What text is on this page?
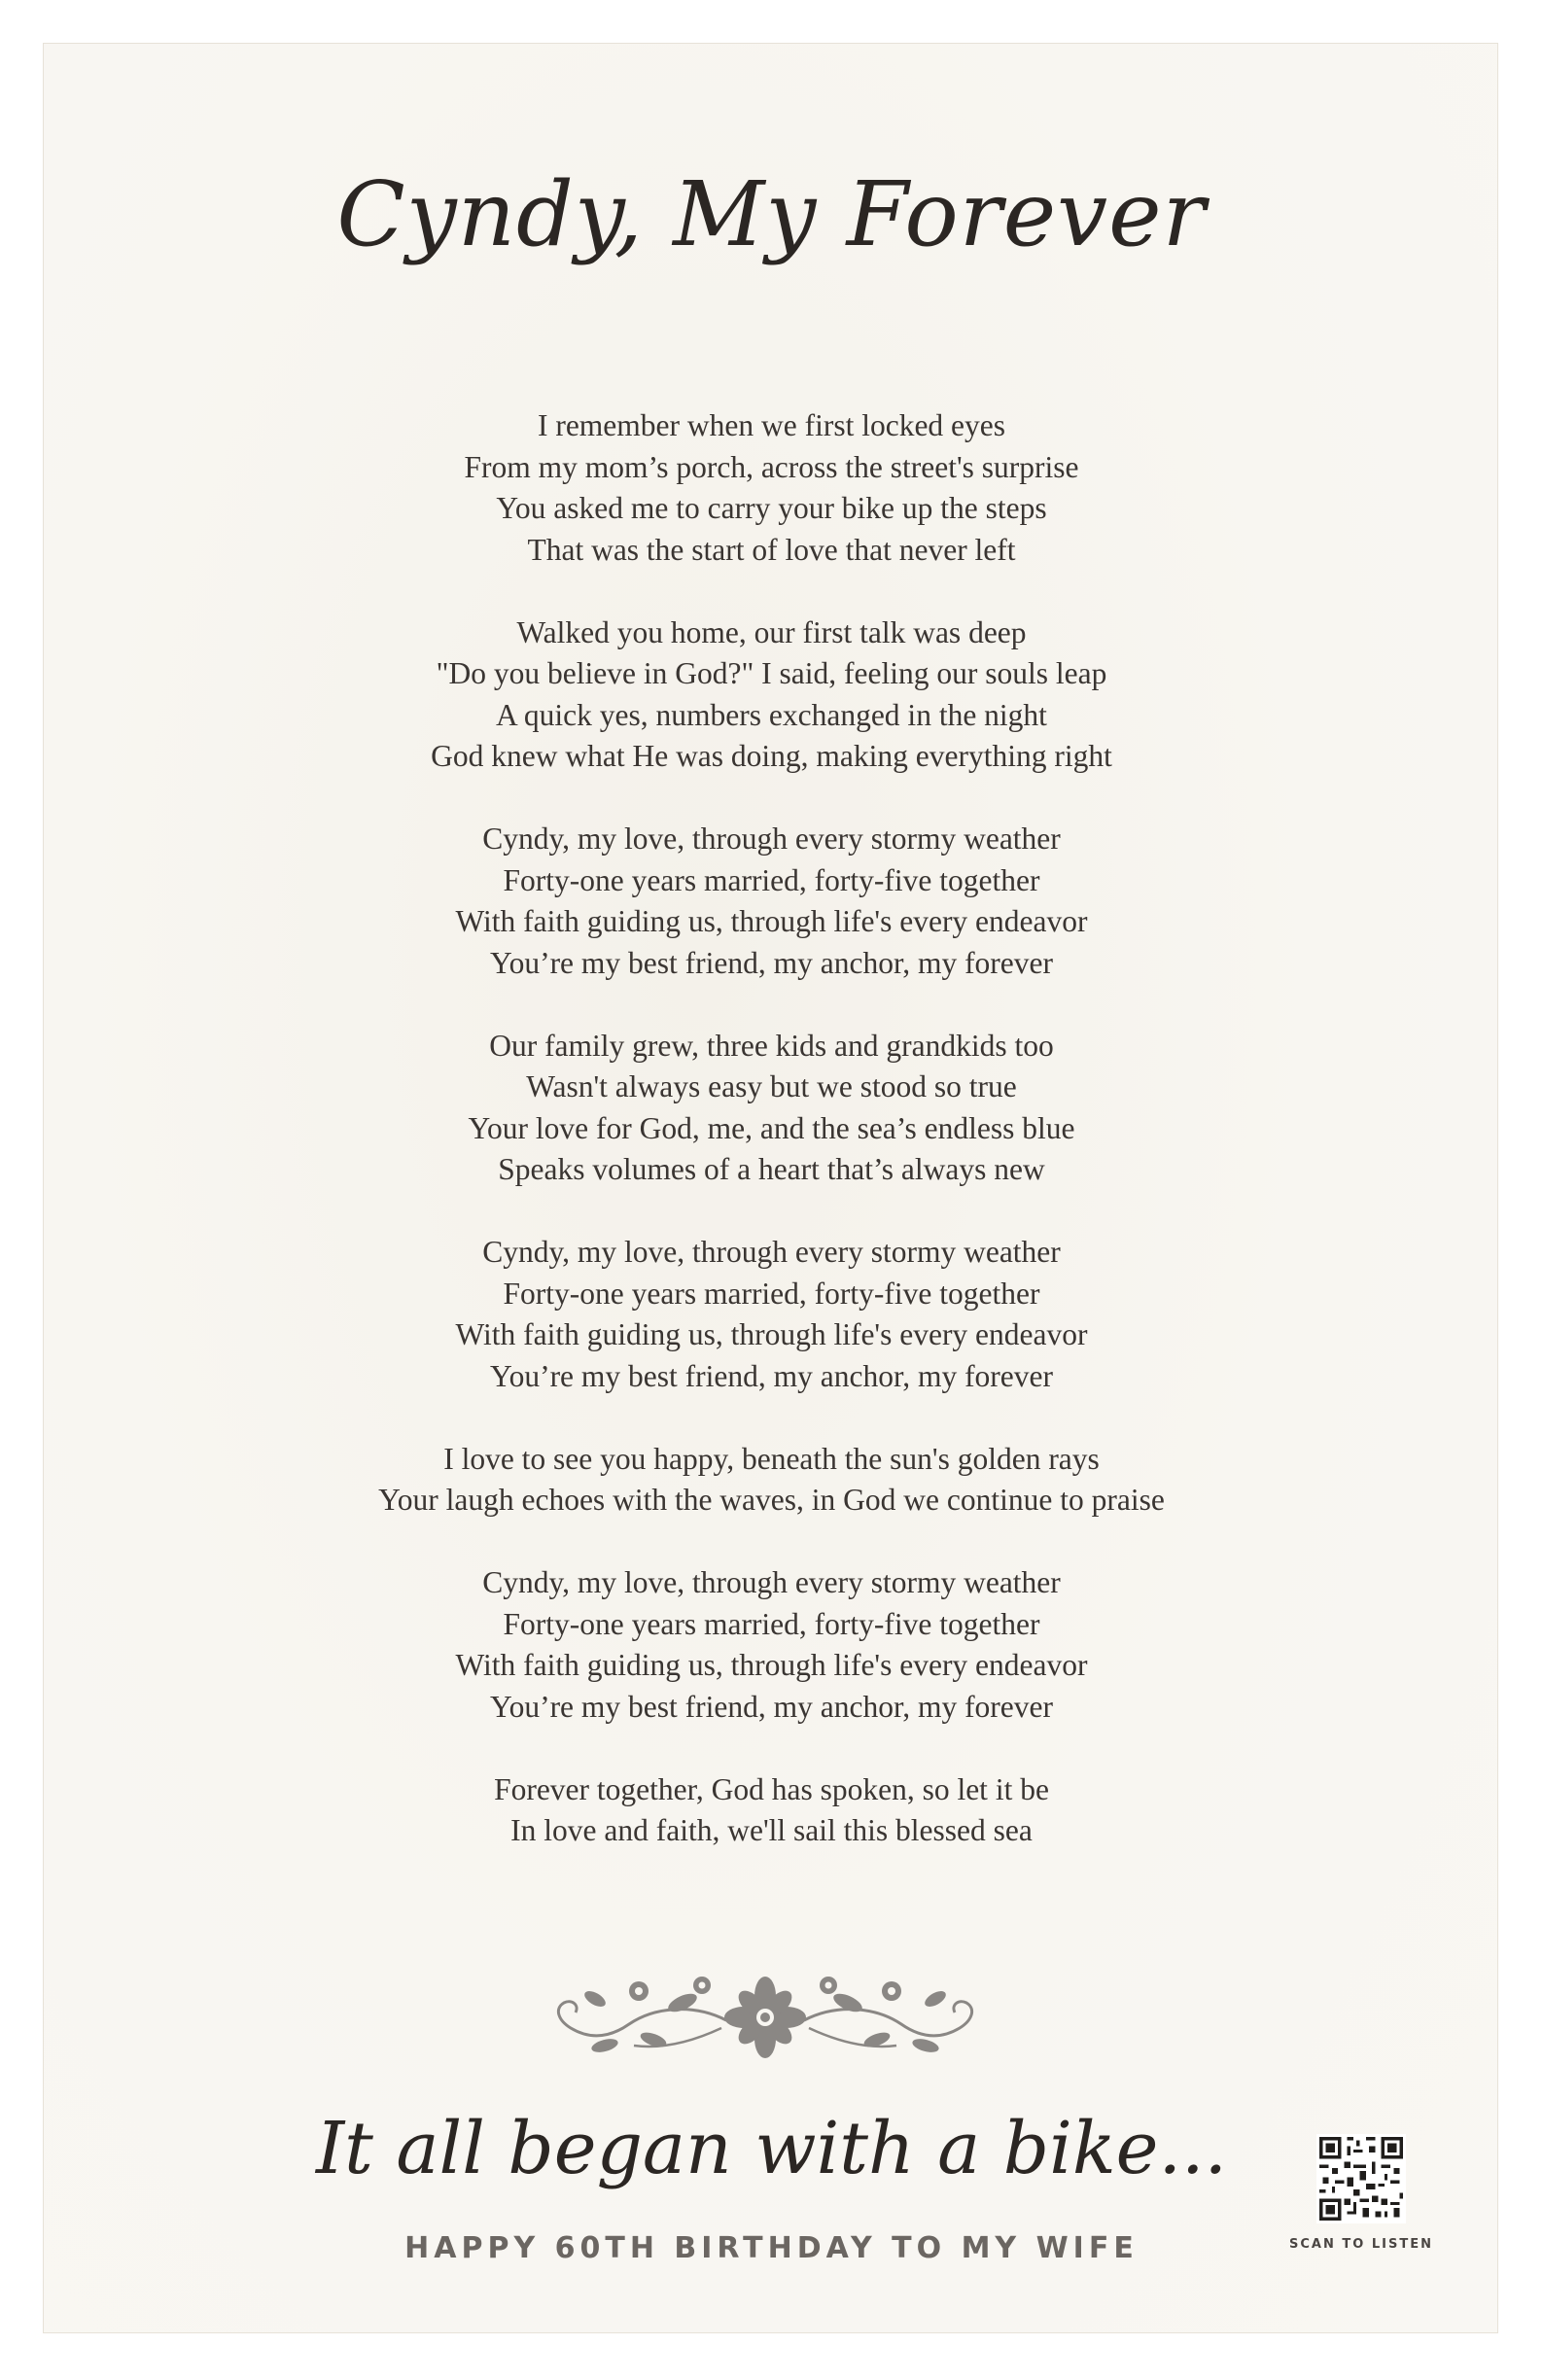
Cyndy, My Forever
I remember when we first locked eyes
From my mom’s porch, across the street's surprise
You asked me to carry your bike up the steps
That was the start of love that never left
Walked you home, our first talk was deep
"Do you believe in God?" I said, feeling our souls leap
A quick yes, numbers exchanged in the night
God knew what He was doing, making everything right
Cyndy, my love, through every stormy weather
Forty-one years married, forty-five together
With faith guiding us, through life's every endeavor
You’re my best friend, my anchor, my forever
Our family grew, three kids and grandkids too
Wasn't always easy but we stood so true
Your love for God, me, and the sea’s endless blue
Speaks volumes of a heart that’s always new
Cyndy, my love, through every stormy weather
Forty-one years married, forty-five together
With faith guiding us, through life's every endeavor
You’re my best friend, my anchor, my forever
I love to see you happy, beneath the sun's golden rays
Your laugh echoes with the waves, in God we continue to praise
Cyndy, my love, through every stormy weather
Forty-one years married, forty-five together
With faith guiding us, through life's every endeavor
You’re my best friend, my anchor, my forever
Forever together, God has spoken, so let it be
In love and faith, we'll sail this blessed sea
It all began with a bike...
HAPPY 60TH BIRTHDAY TO MY WIFE	SCAN TO LISTEN
